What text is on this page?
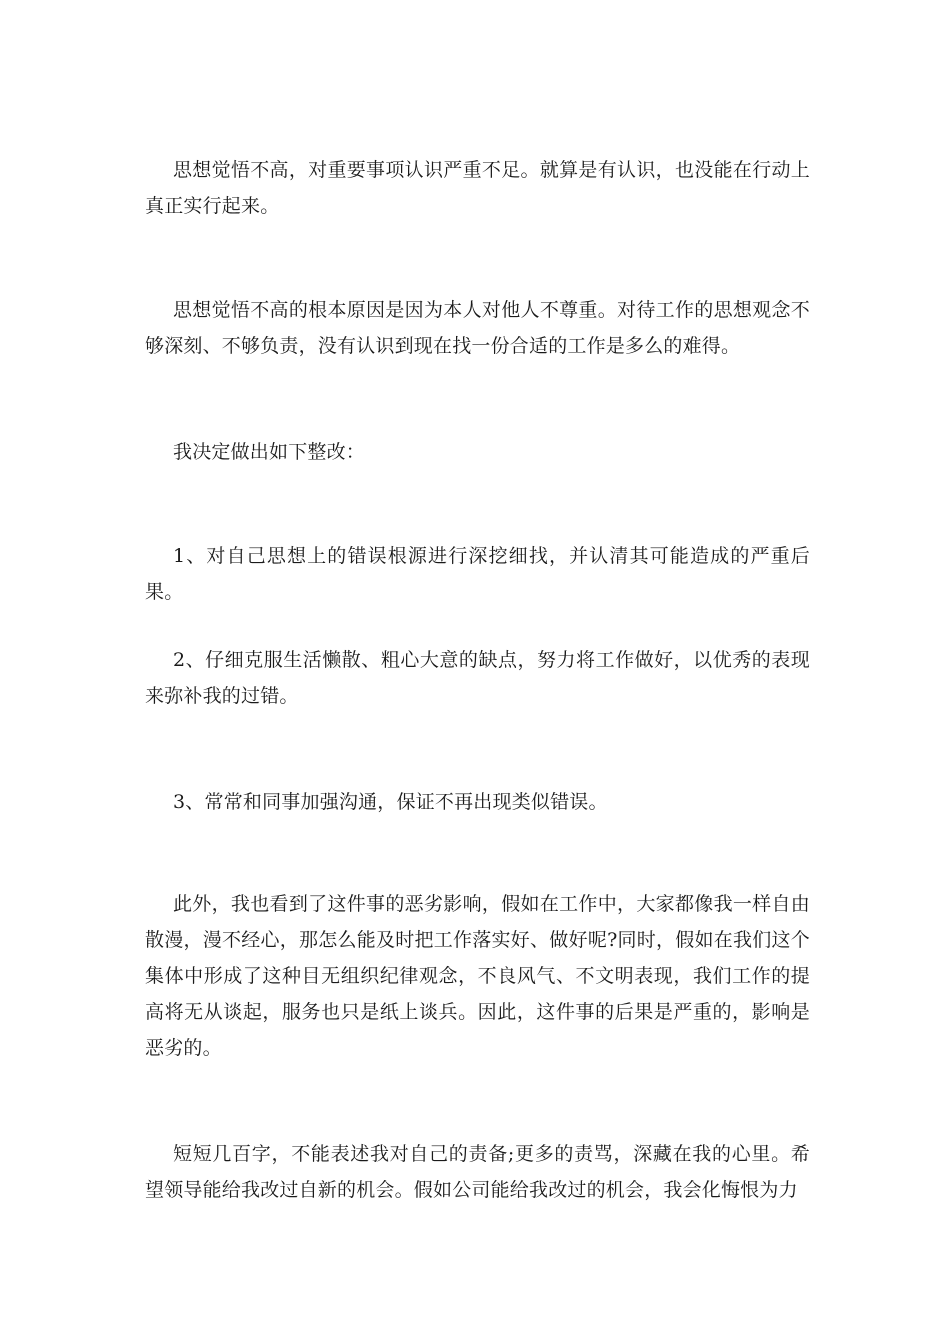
思想觉悟不高，对重要事项认识严重不足。就算是有认识，也没能在行动上真正实行起来。

思想觉悟不高的根本原因是因为本人对他人不尊重。对待工作的思想观念不够深刻、不够负责，没有认识到现在找一份合适的工作是多么的难得。

我决定做出如下整改：

1、对自己思想上的错误根源进行深挖细找，并认清其可能造成的严重后果。

2、仔细克服生活懒散、粗心大意的缺点，努力将工作做好，以优秀的表现来弥补我的过错。

3、常常和同事加强沟通，保证不再出现类似错误。

此外，我也看到了这件事的恶劣影响，假如在工作中，大家都像我一样自由散漫，漫不经心，那怎么能及时把工作落实好、做好呢?同时，假如在我们这个集体中形成了这种目无组织纪律观念，不良风气、不文明表现，我们工作的提高将无从谈起，服务也只是纸上谈兵。因此，这件事的后果是严重的，影响是恶劣的。

短短几百字，不能表述我对自己的责备;更多的责骂，深藏在我的心里。希望领导能给我改过自新的机会。假如公司能给我改过的机会，我会化悔恨为力
